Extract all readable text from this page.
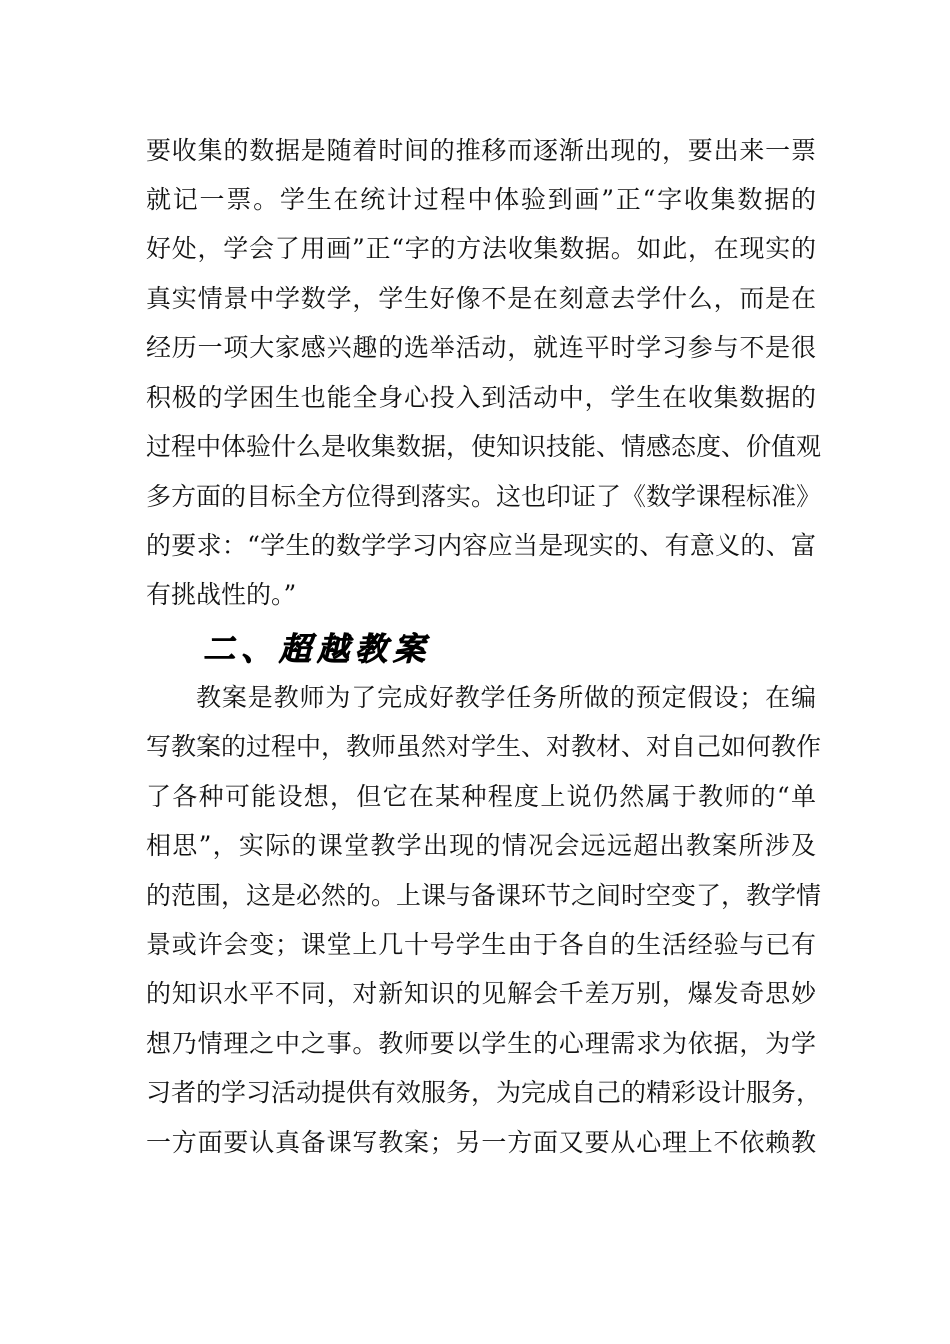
要收集的数据是随着时间的推移而逐渐出现的，要出来一票
就记一票。学生在统计过程中体验到画”正“字收集数据的
好处，学会了用画”正“字的方法收集数据。如此，在现实的
真实情景中学数学，学生好像不是在刻意去学什么，而是在
经历一项大家感兴趣的选举活动，就连平时学习参与不是很
积极的学困生也能全身心投入到活动中，学生在收集数据的
过程中体验什么是收集数据，使知识技能、情感态度、价值观
多方面的目标全方位得到落实。这也印证了《数学课程标准》
的要求：“学生的数学学习内容应当是现实的、有意义的、富
有挑战性的。”
二、超越教案
教案是教师为了完成好教学任务所做的预定假设；在编
写教案的过程中，教师虽然对学生、对教材、对自己如何教作
了各种可能设想，但它在某种程度上说仍然属于教师的“单
相思”，实际的课堂教学出现的情况会远远超出教案所涉及
的范围，这是必然的。上课与备课环节之间时空变了，教学情
景或许会变；课堂上几十号学生由于各自的生活经验与已有
的知识水平不同，对新知识的见解会千差万别，爆发奇思妙
想乃情理之中之事。教师要以学生的心理需求为依据，为学
习者的学习活动提供有效服务，为完成自己的精彩设计服务，
一方面要认真备课写教案；另一方面又要从心理上不依赖教
